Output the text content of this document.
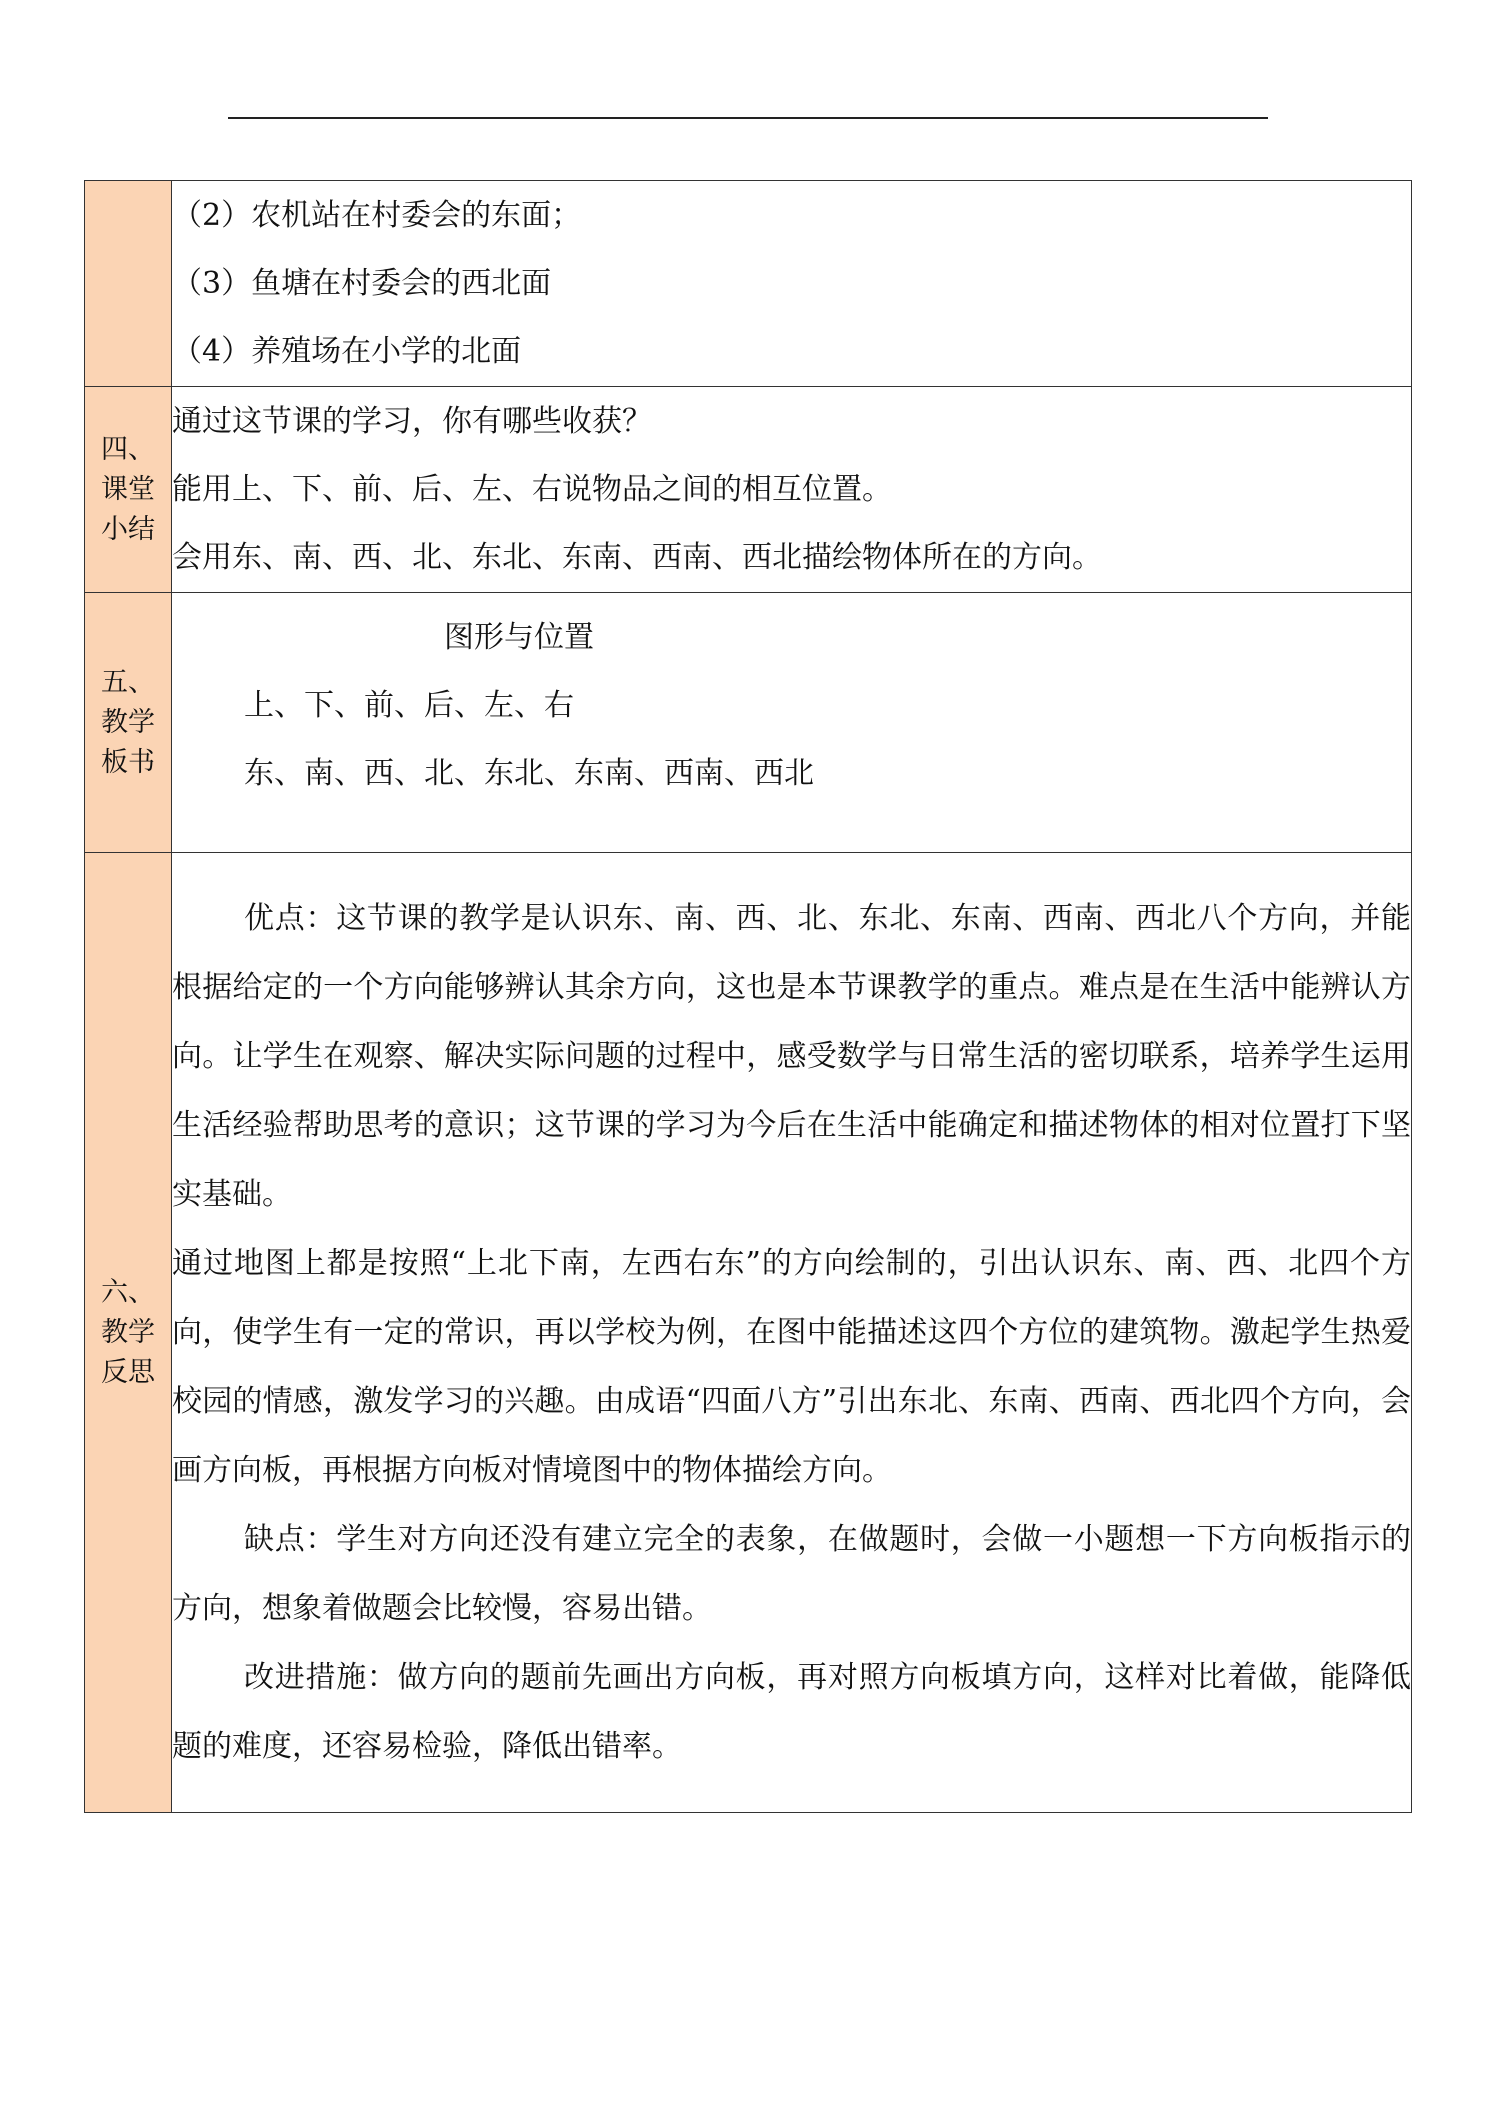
	（2）农机站在村委会的东面；
（3）鱼塘在村委会的西北面
（4）养殖场在小学的北面

四、课堂小结	通过这节课的学习，你有哪些收获？
能用上、下、前、后、左、右说物品之间的相互位置。
会用东、南、西、北、东北、东南、西南、西北描绘物体所在的方向。

五、教学板书	图形与位置
上、下、前、后、左、右
东、南、西、北、东北、东南、西南、西北

六、教学反思	优点：这节课的教学是认识东、南、西、北、东北、东南、西南、西北八个方向，并能根据给定的一个方向能够辨认其余方向，这也是本节课教学的重点。难点是在生活中能辨认方向。让学生在观察、解决实际问题的过程中，感受数学与日常生活的密切联系，培养学生运用生活经验帮助思考的意识；这节课的学习为今后在生活中能确定和描述物体的相对位置打下坚实基础。
通过地图上都是按照“上北下南，左西右东”的方向绘制的，引出认识东、南、西、北四个方向，使学生有一定的常识，再以学校为例，在图中能描述这四个方位的建筑物。激起学生热爱校园的情感，激发学习的兴趣。由成语“四面八方”引出东北、东南、西南、西北四个方向，会画方向板，再根据方向板对情境图中的物体描绘方向。
缺点：学生对方向还没有建立完全的表象，在做题时，会做一小题想一下方向板指示的方向，想象着做题会比较慢，容易出错。
改进措施：做方向的题前先画出方向板，再对照方向板填方向，这样对比着做，能降低题的难度，还容易检验，降低出错率。
